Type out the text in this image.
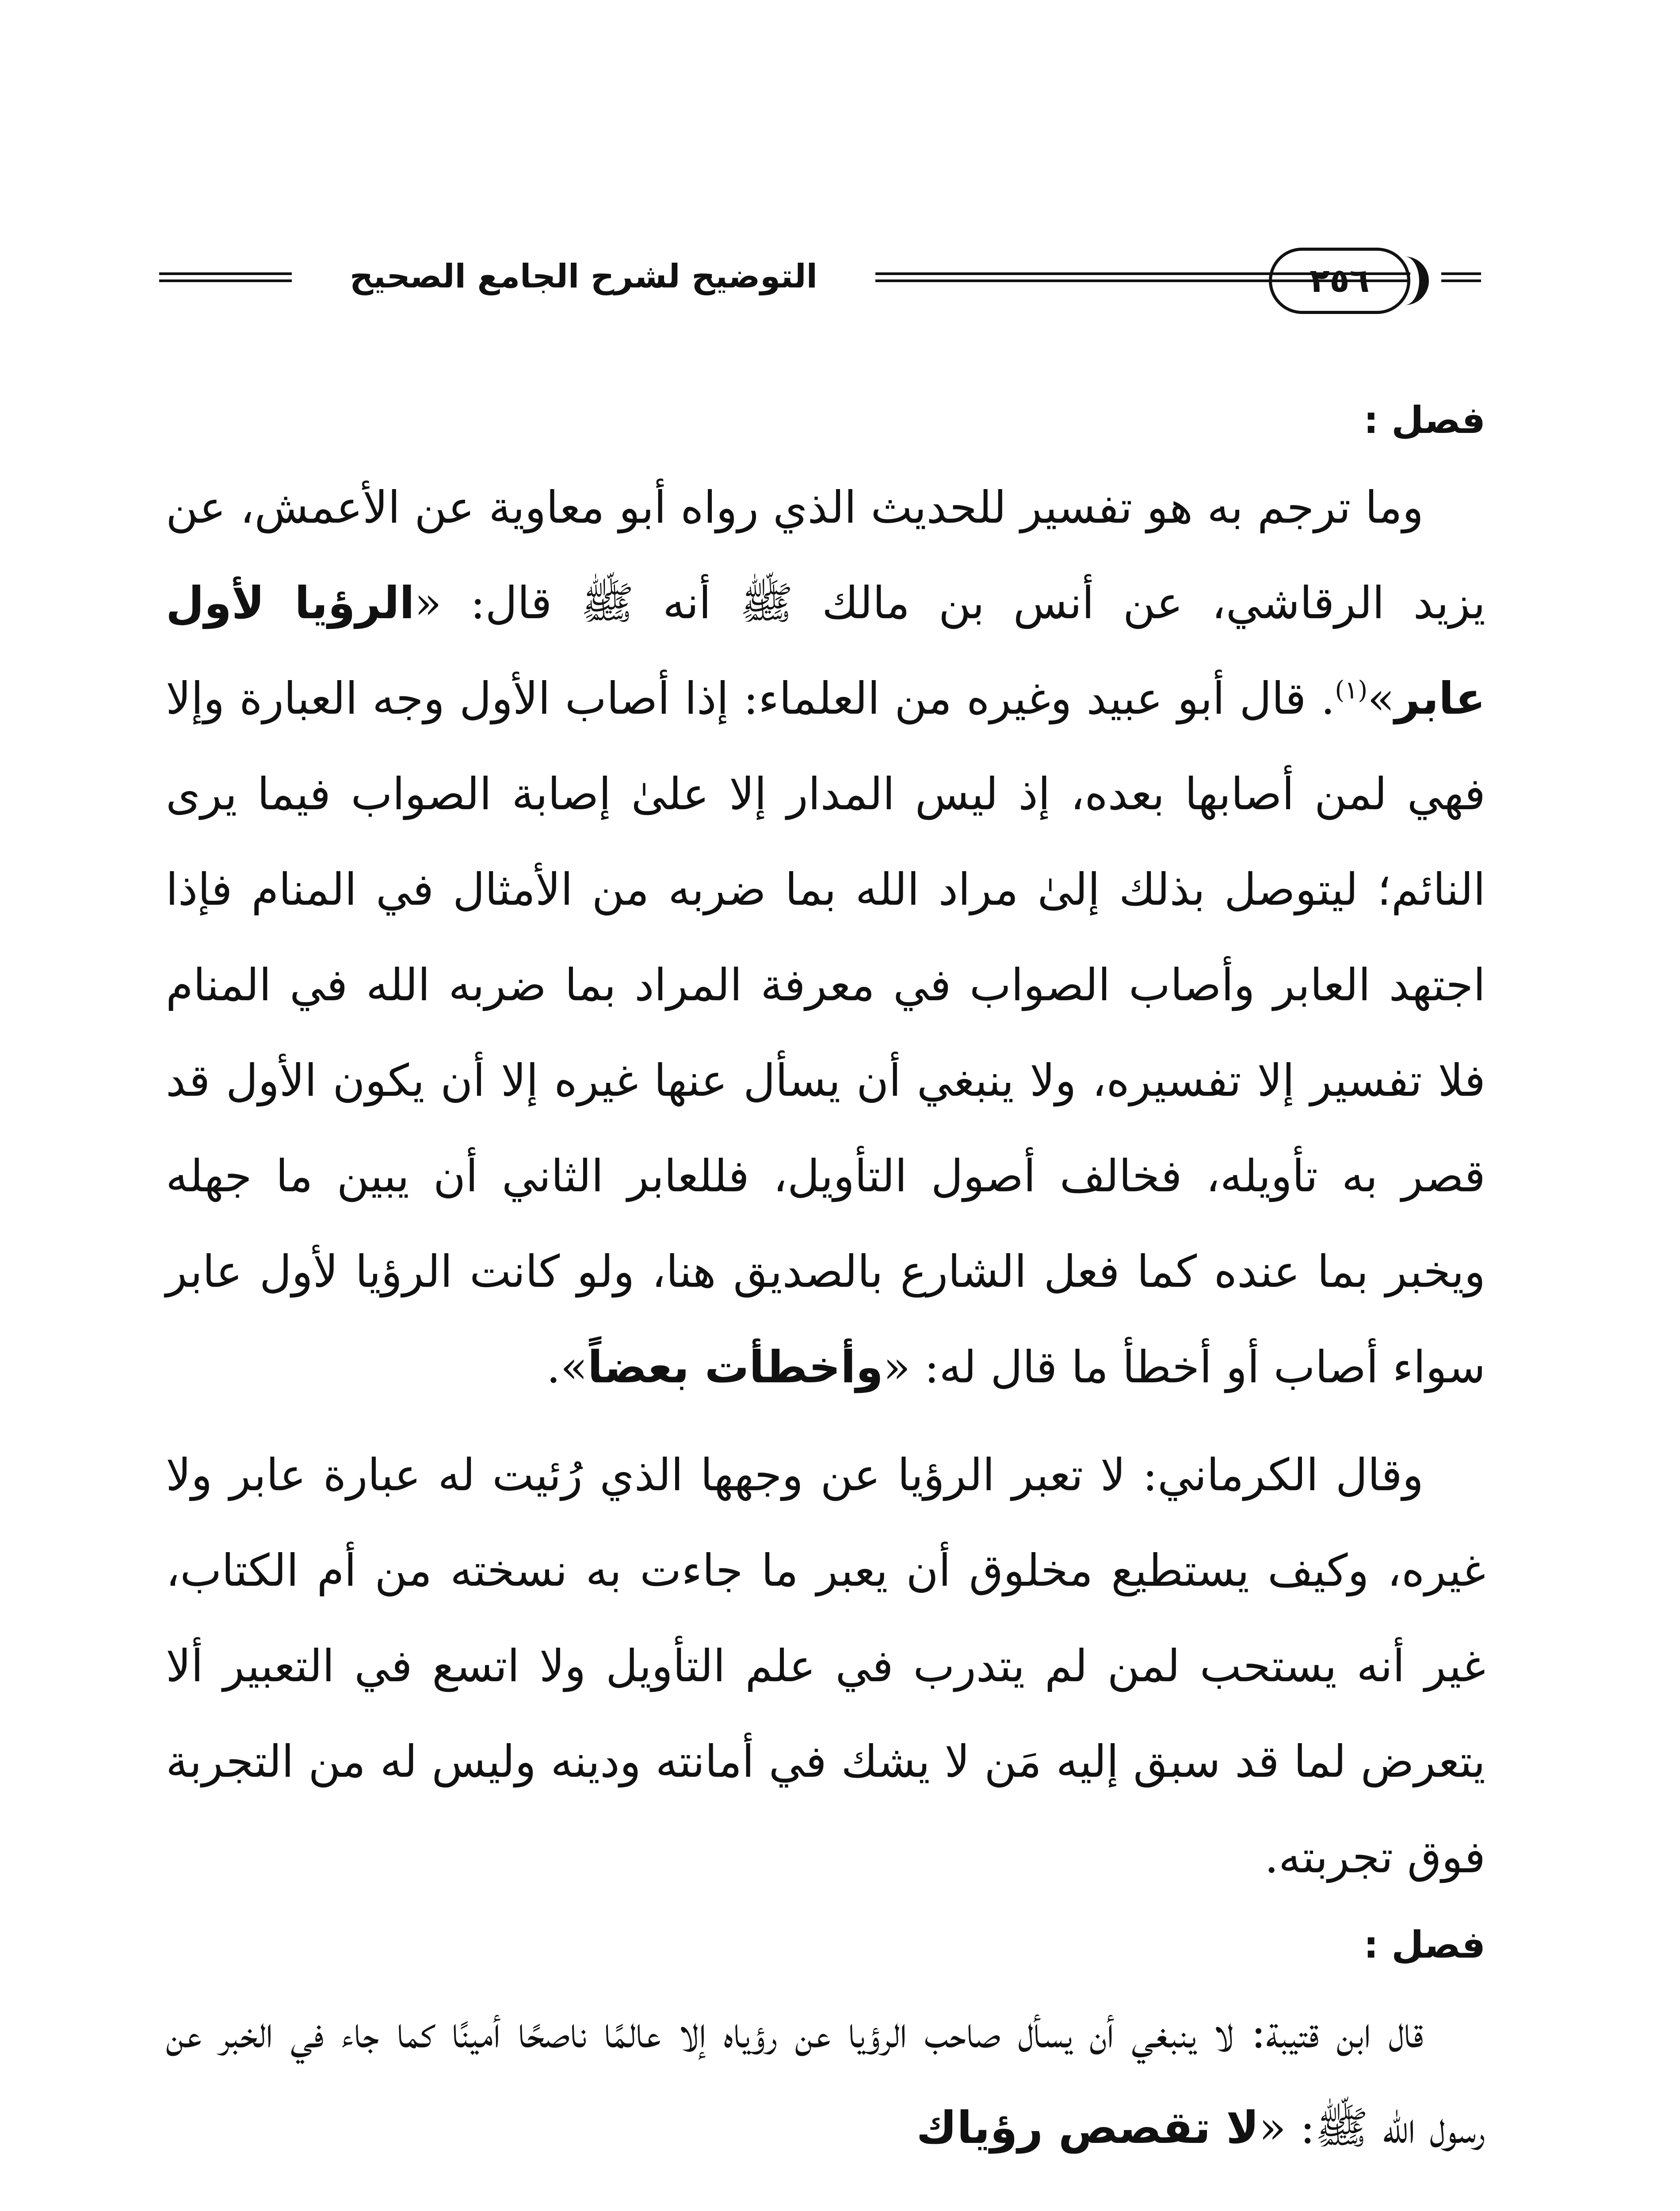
التوضيح لشرح الجامع الصحيح	٢٥٦

فصل :

وما ترجم به هو تفسير للحديث الذي رواه أبو معاوية عن الأعمش، عن يزيد الرقاشي، عن أنس بن مالك ﷺ أنه ﷺ قال: «الرؤيا لأول عابر»$^{(١)}$. قال أبو عبيد وغيره من العلماء: إذا أصاب الأول وجه العبارة وإلا فهي لمن أصابها بعده، إذ ليس المدار إلا علىٰ إصابة الصواب فيما يرى النائم؛ ليتوصل بذلك إلىٰ مراد الله بما ضربه من الأمثال في المنام فإذا اجتهد العابر وأصاب الصواب في معرفة المراد بما ضربه الله في المنام فلا تفسير إلا تفسيره، ولا ينبغي أن يسأل عنها غيره إلا أن يكون الأول قد قصر به تأويله، فخالف أصول التأويل، فللعابر الثاني أن يبين ما جهله ويخبر بما عنده كما فعل الشارع بالصديق هنا، ولو كانت الرؤيا لأول عابر سواء أصاب أو أخطأ ما قال له: «وأخطأت بعضاً».

وقال الكرماني: لا تعبر الرؤيا عن وجهها الذي رُئيت له عبارة عابر ولا غيره، وكيف يستطيع مخلوق أن يعبر ما جاءت به نسخته من أم الكتاب، غير أنه يستحب لمن لم يتدرب في علم التأويل ولا اتسع في التعبير ألا يتعرض لما قد سبق إليه مَن لا يشك في أمانته ودينه وليس له من التجربة فوق تجربته.

فصل :

قال ابن قتيبة: لا ينبغي أن يسأل صاحب الرؤيا عن رؤياه إلا عالمًا ناصحًا أمينًا كما جاء في الخبر عن رسول الله ﷺ: «لا تقصص رؤياك
